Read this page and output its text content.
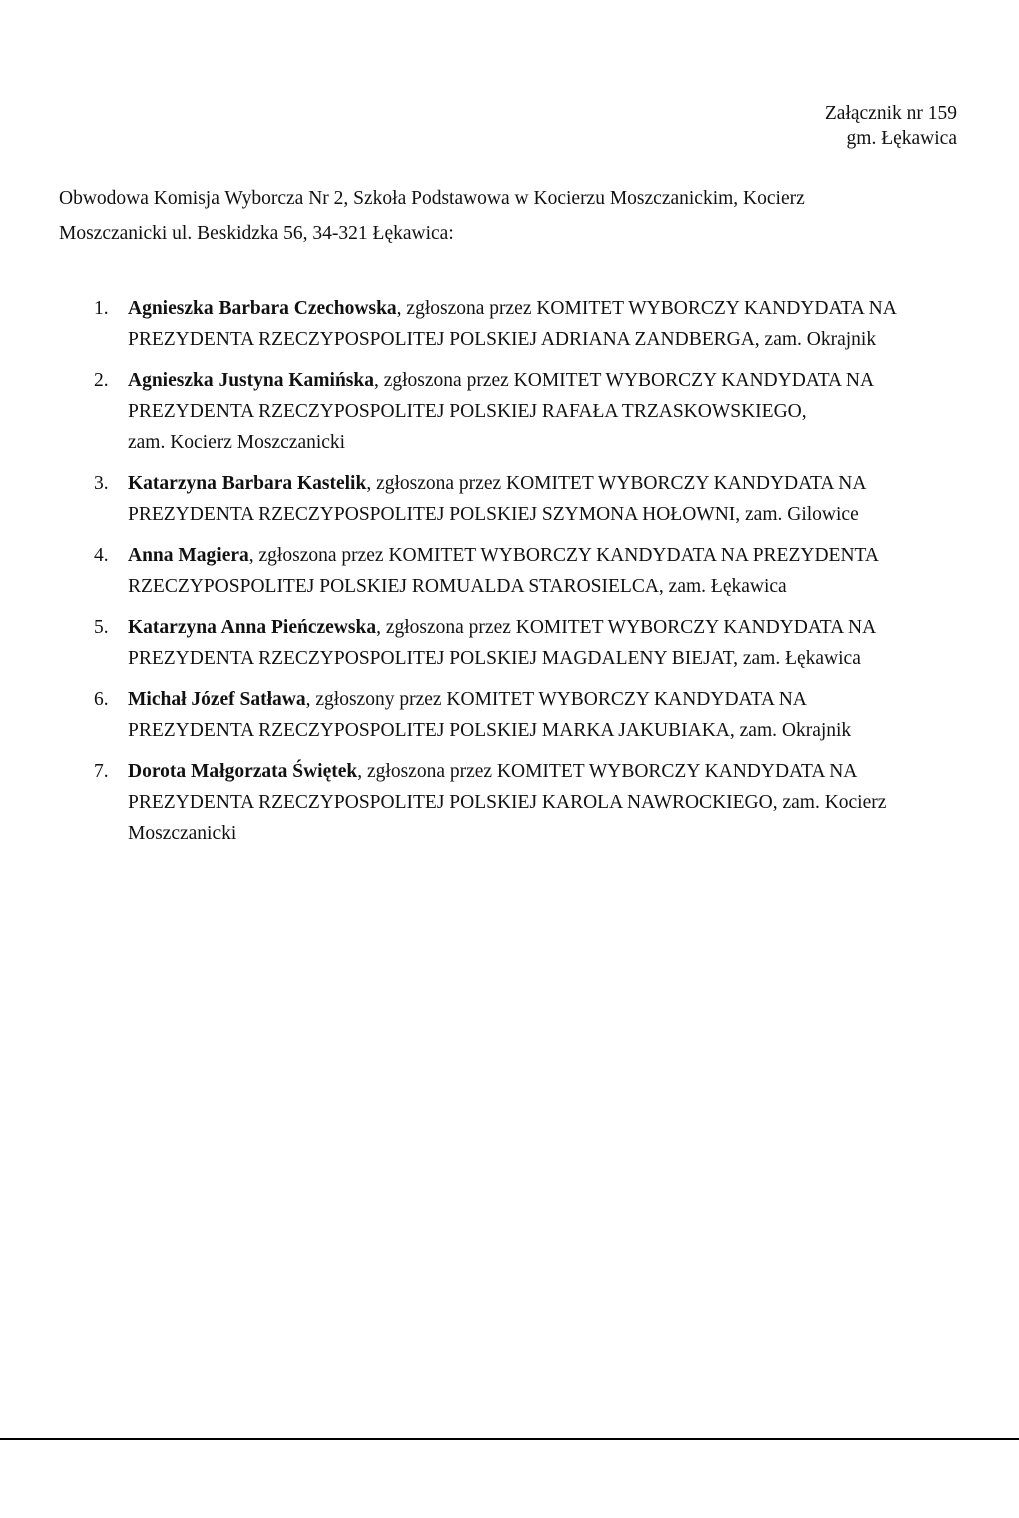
Załącznik nr 159
gm. Łękawica
Obwodowa Komisja Wyborcza Nr 2, Szkoła Podstawowa w Kocierzu Moszczanickim, Kocierz
Moszczanicki ul. Beskidzka 56, 34-321 Łękawica:
1. Agnieszka Barbara Czechowska, zgłoszona przez KOMITET WYBORCZY KANDYDATA NA
PREZYDENTA RZECZYPOSPOLITEJ POLSKIEJ ADRIANA ZANDBERGA, zam. Okrajnik
2. Agnieszka Justyna Kamińska, zgłoszona przez KOMITET WYBORCZY KANDYDATA NA
PREZYDENTA RZECZYPOSPOLITEJ POLSKIEJ RAFAŁA TRZASKOWSKIEGO,
zam. Kocierz Moszczanicki
3. Katarzyna Barbara Kastelik, zgłoszona przez KOMITET WYBORCZY KANDYDATA NA
PREZYDENTA RZECZYPOSPOLITEJ POLSKIEJ SZYMONA HOŁOWNI, zam. Gilowice
4. Anna Magiera, zgłoszona przez KOMITET WYBORCZY KANDYDATA NA PREZYDENTA
RZECZYPOSPOLITEJ POLSKIEJ ROMUALDA STAROSIELCA, zam. Łękawica
5. Katarzyna Anna Pieńczewska, zgłoszona przez KOMITET WYBORCZY KANDYDATA NA
PREZYDENTA RZECZYPOSPOLITEJ POLSKIEJ MAGDALENY BIEJAT, zam. Łękawica
6. Michał Józef Satława, zgłoszony przez KOMITET WYBORCZY KANDYDATA NA
PREZYDENTA RZECZYPOSPOLITEJ POLSKIEJ MARKA JAKUBIAKA, zam. Okrajnik
7. Dorota Małgorzata Świętek, zgłoszona przez KOMITET WYBORCZY KANDYDATA NA
PREZYDENTA RZECZYPOSPOLITEJ POLSKIEJ KAROLA NAWROCKIEGO, zam. Kocierz
Moszczanicki
